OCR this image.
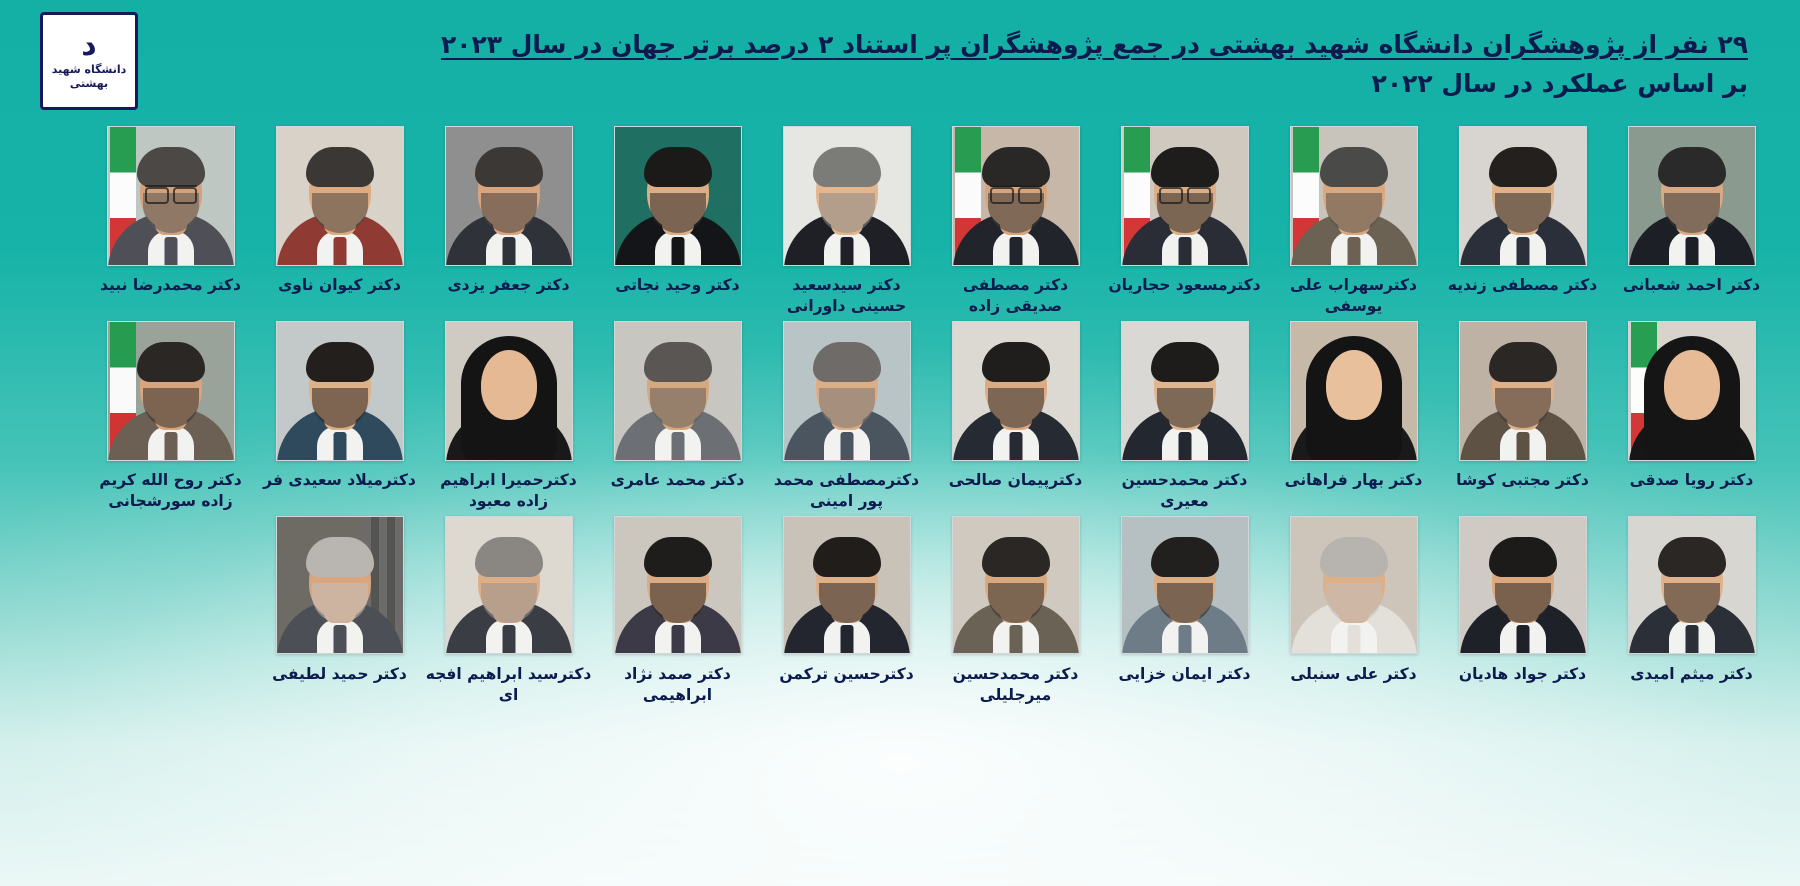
۲۹ نفر از پژوهشگران دانشگاه شهید بهشتی در جمع پژوهشگران پر استناد ۲ درصد برتر جهان در سال ۲۰۲۳
بر اساس عملکرد در سال ۲۰۲۲
د
دانشگاه شهید بهشتی
دکتر احمد شعبانی
دکتر مصطفی زندیه
دکترسهراب علی یوسفی
دکترمسعود حجاریان
دکتر مصطفی صدیقی زاده
دکتر سیدسعید حسینی داورانی
دکتر وحید نجاتی
دکتر جعفر یزدی
دکتر کیوان ناوی
دکتر محمدرضا نبید
دکتر رویا صدقی
دکتر مجتبی کوشا
دکتر بهار فراهانی
دکتر محمدحسین معیری
دکترپیمان صالحی
دکترمصطفی محمد پور امینی
دکتر محمد عامری
دکترحمیرا ابراهیم زاده معبود
دکترمیلاد سعیدی فر
دکتر روح الله کریم زاده سورشجانی
دکتر میثم امیدی
دکتر جواد هادیان
دکتر علی سنبلی
دکتر ایمان خزایی
دکتر محمدحسین میرجلیلی
دکترحسین ترکمن
دکتر صمد نژاد ابراهیمی
دکترسید ابراهیم افجه ای
دکتر حمید لطیفی
